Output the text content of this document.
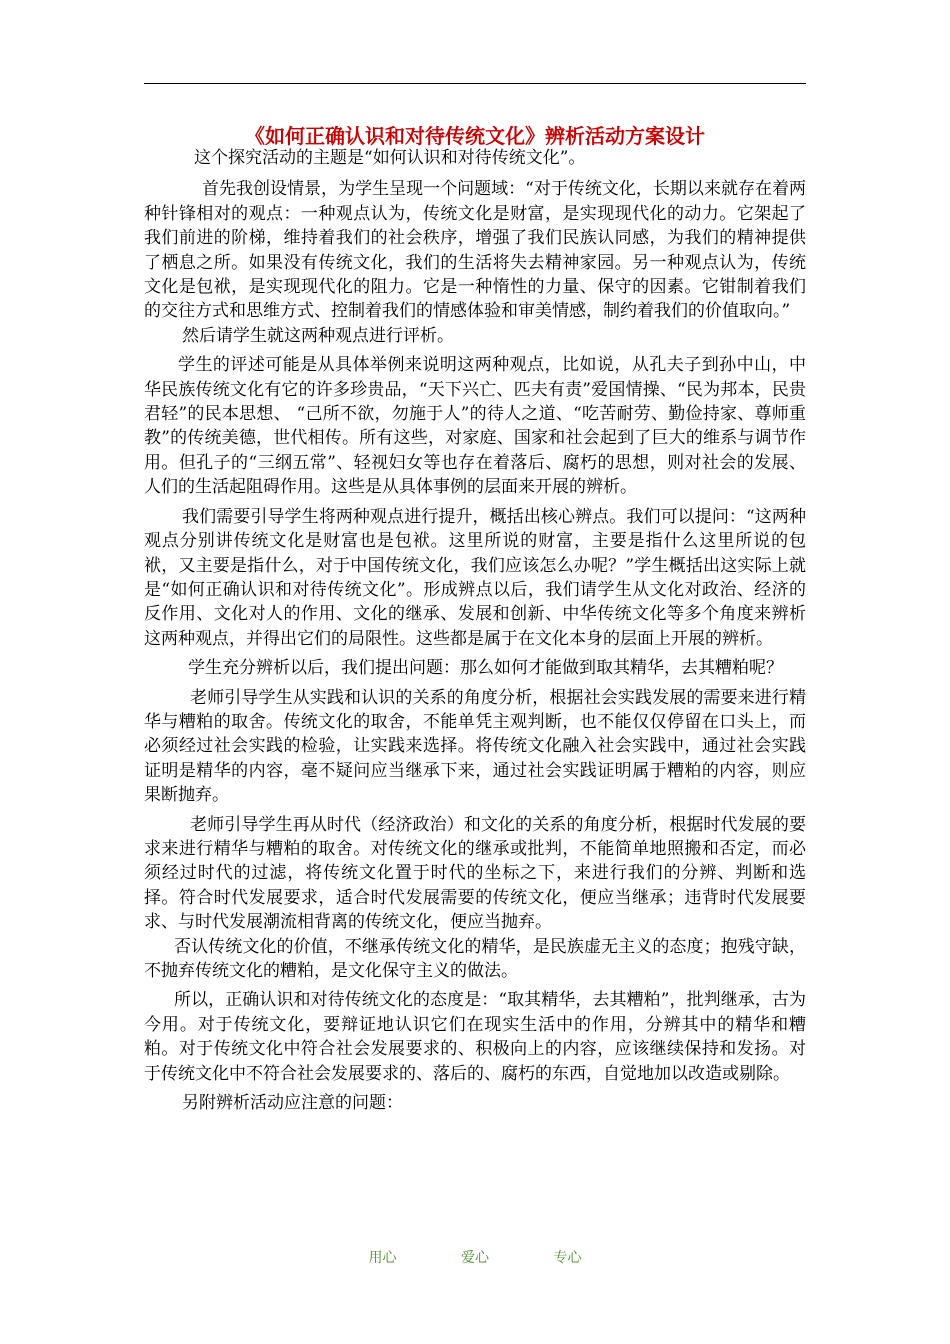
《如何正确认识和对待传统文化》辨析活动方案设计

这个探究活动的主题是“如何认识和对待传统文化”。

首先我创设情景，为学生呈现一个问题域：“对于传统文化，长期以来就存在着两种针锋相对的观点：一种观点认为，传统文化是财富，是实现现代化的动力。它架起了我们前进的阶梯，维持着我们的社会秩序，增强了我们民族认同感，为我们的精神提供了栖息之所。如果没有传统文化，我们的生活将失去精神家园。另一种观点认为，传统文化是包袱，是实现现代化的阻力。它是一种惰性的力量、保守的因素。它钳制着我们的交往方式和思维方式、控制着我们的情感体验和审美情感，制约着我们的价值取向。”

然后请学生就这两种观点进行评析。

学生的评述可能是从具体举例来说明这两种观点，比如说，从孔夫子到孙中山，中华民族传统文化有它的许多珍贵品，“天下兴亡、匹夫有责”爱国情操、“民为邦本，民贵君轻”的民本思想、 “己所不欲，勿施于人”的待人之道、“吃苦耐劳、勤俭持家、尊师重教”的传统美德，世代相传。所有这些，对家庭、国家和社会起到了巨大的维系与调节作用。但孔子的“三纲五常”、轻视妇女等也存在着落后、腐朽的思想，则对社会的发展、人们的生活起阻碍作用。这些是从具体事例的层面来开展的辨析。

我们需要引导学生将两种观点进行提升，概括出核心辨点。我们可以提问：“这两种观点分别讲传统文化是财富也是包袱。这里所说的财富，主要是指什么这里所说的包袱，又主要是指什么，对于中国传统文化，我们应该怎么办呢？”学生概括出这实际上就是“如何正确认识和对待传统文化”。形成辨点以后，我们请学生从文化对政治、经济的反作用、文化对人的作用、文化的继承、发展和创新、中华传统文化等多个角度来辨析这两种观点，并得出它们的局限性。这些都是属于在文化本身的层面上开展的辨析。

学生充分辨析以后，我们提出问题：那么如何才能做到取其精华，去其糟粕呢？

老师引导学生从实践和认识的关系的角度分析，根据社会实践发展的需要来进行精华与糟粕的取舍。传统文化的取舍，不能单凭主观判断，也不能仅仅停留在口头上，而必须经过社会实践的检验，让实践来选择。将传统文化融入社会实践中，通过社会实践证明是精华的内容，毫不疑问应当继承下来，通过社会实践证明属于糟粕的内容，则应果断抛弃。

老师引导学生再从时代（经济政治）和文化的关系的角度分析，根据时代发展的要求来进行精华与糟粕的取舍。对传统文化的继承或批判，不能简单地照搬和否定，而必须经过时代的过滤，将传统文化置于时代的坐标之下，来进行我们的分辨、判断和选择。符合时代发展要求，适合时代发展需要的传统文化，便应当继承；违背时代发展要求、与时代发展潮流相背离的传统文化，便应当抛弃。

否认传统文化的价值，不继承传统文化的精华，是民族虚无主义的态度；抱残守缺，不抛弃传统文化的糟粕，是文化保守主义的做法。

所以，正确认识和对待传统文化的态度是：“取其精华，去其糟粕”，批判继承，古为今用。对于传统文化，要辩证地认识它们在现实生活中的作用，分辨其中的精华和糟粕。对于传统文化中符合社会发展要求的、积极向上的内容，应该继续保持和发扬。对于传统文化中不符合社会发展要求的、落后的、腐朽的东西，自觉地加以改造或剔除。

另附辨析活动应注意的问题：

用心	爱心	专心
